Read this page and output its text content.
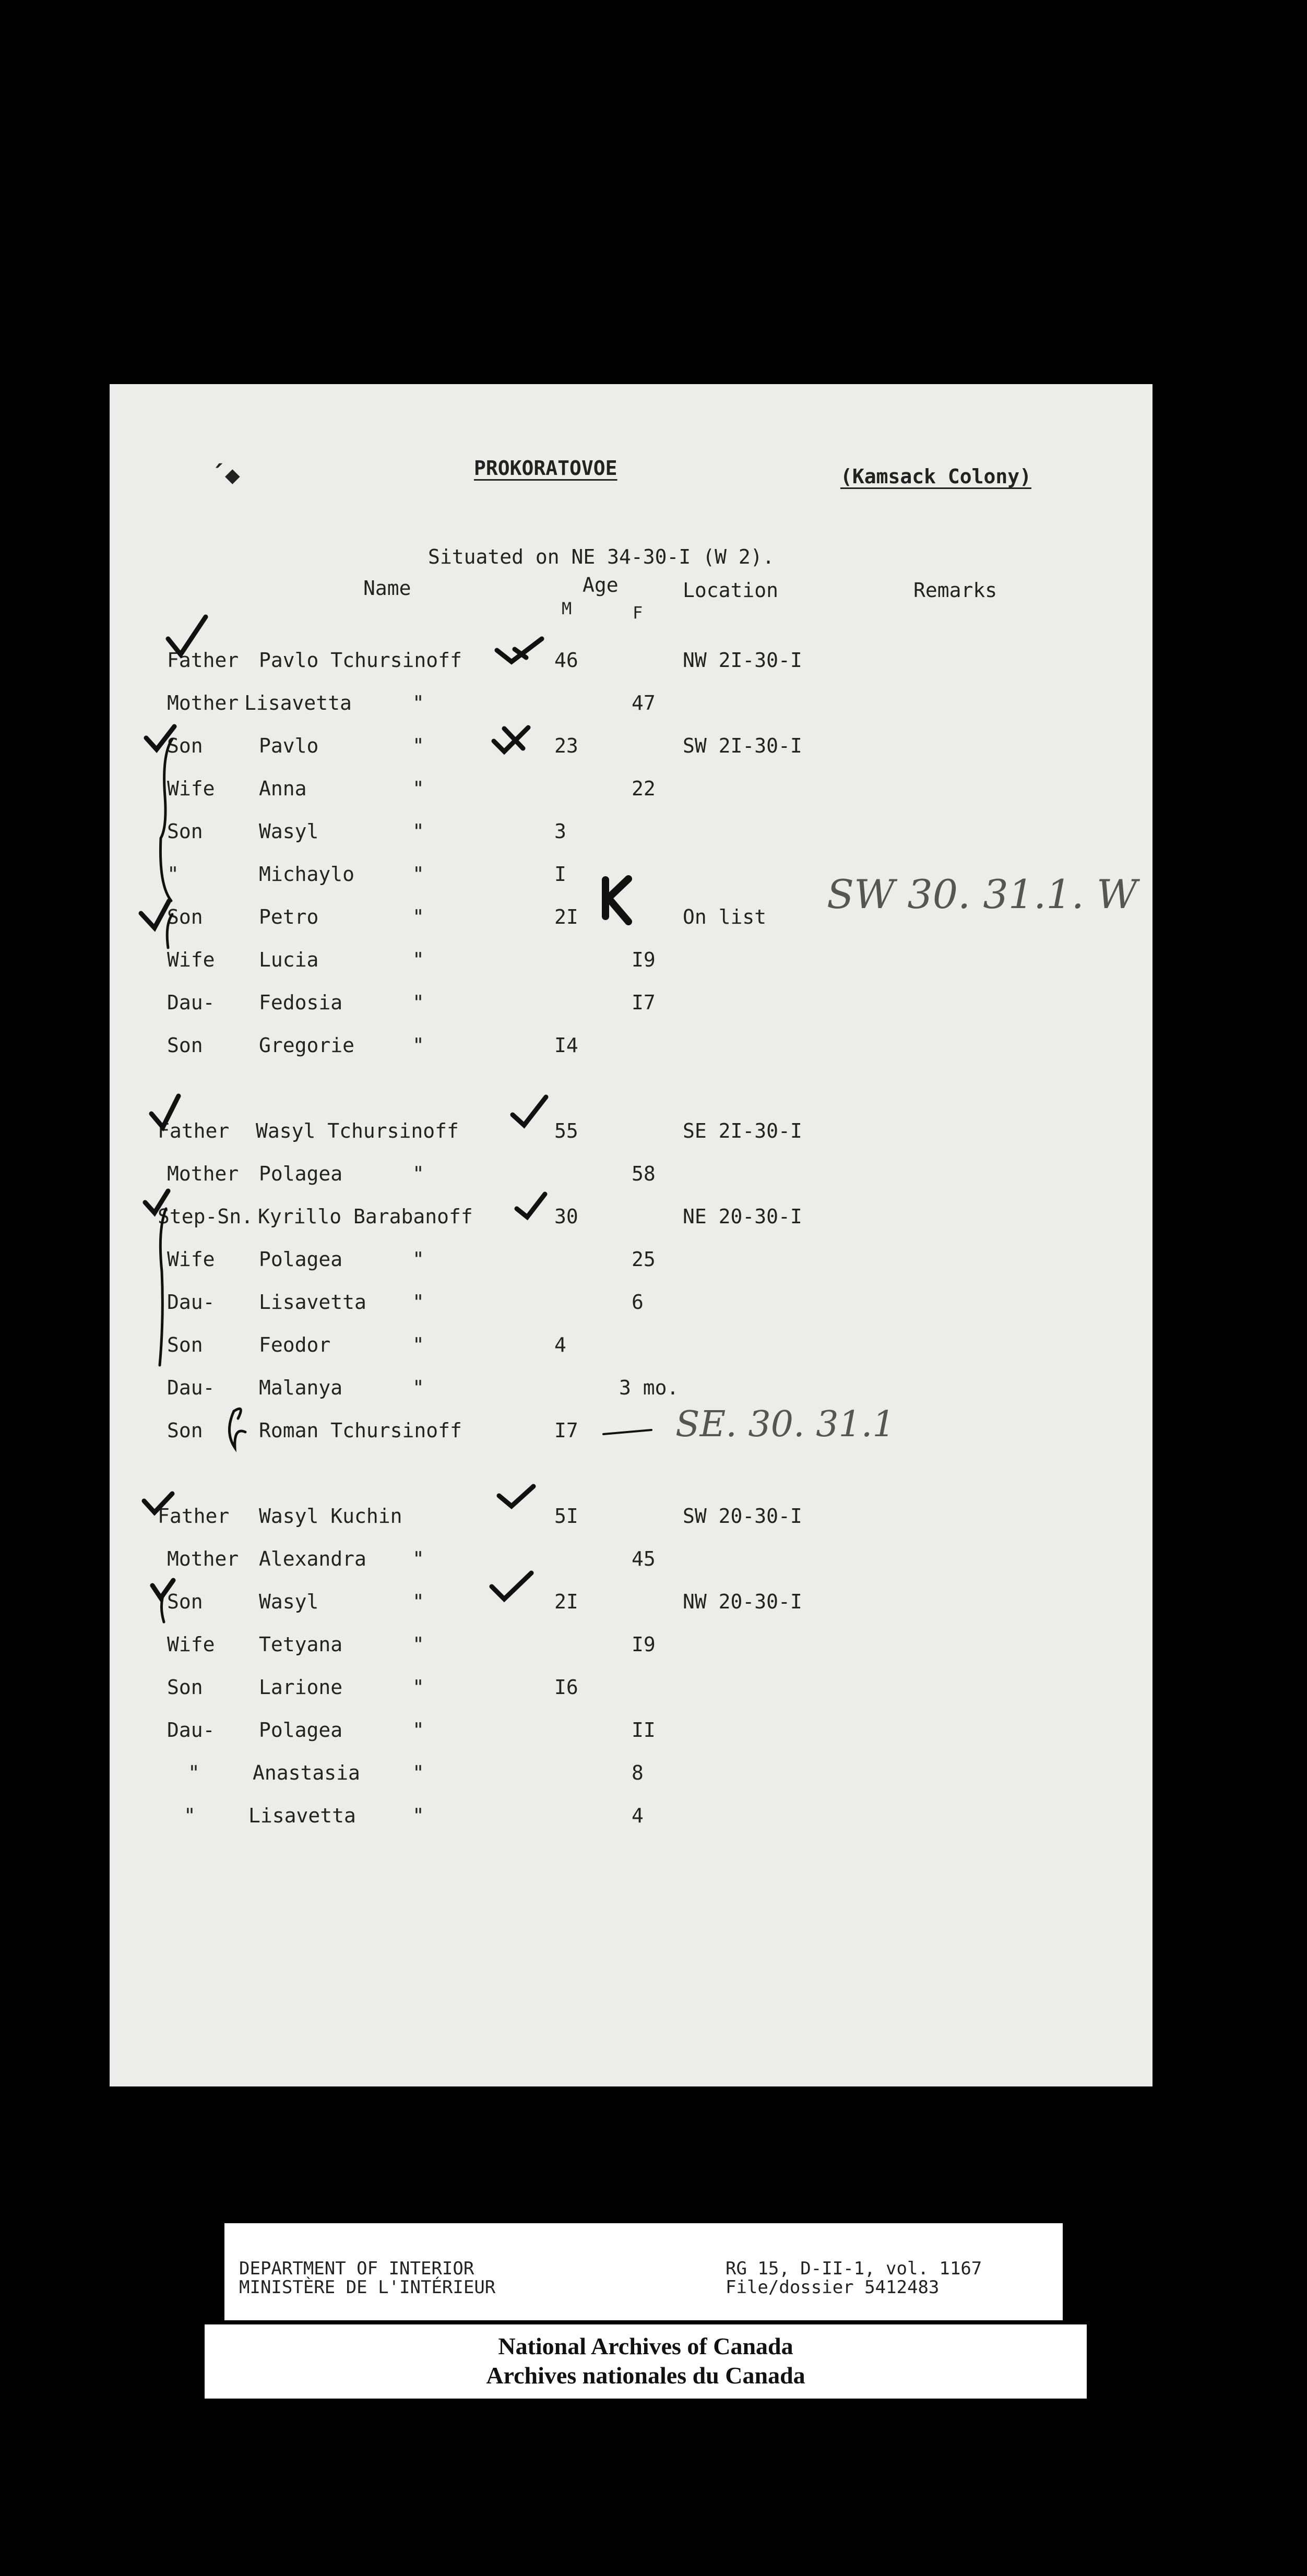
PROKORATOVOE	(Kamsack Colony)
Situated on NE 34-30-I (W 2).
Name	Age	Location	Remarks
M	F
Father Pavlo Tchursinoff	46	NW 2I-30-I
Mother Lisavetta	"	47
Son	Pavlo	"	23	SW 2I-30-I
Wife Anna	"	22
Son	Wasyl	"	3
"	Michaylo	"	I
Son	Petro	"	2I	On list
Wife Lucia	"	I9
Dau- Fedosia	"	I7
Son	Gregorie	"	I4
Father Wasyl Tchursinoff	55	SE 2I-30-I
Mother Polagea	"	58
Step-Sn. Kyrillo Barabanoff	30	NE 20-30-I
Wife Polagea	"	25
Dau- Lisavetta "	6
Son	Feodor	"	4
Dau- Malanya	"	3 mo.
Son	Roman Tchursinoff	I7
Father Wasyl Kuchin	5I	SW 20-30-I
Mother Alexandra "	45
Son	Wasyl	"	2I	NW 20-30-I
Wife Tetyana	"	I9
Son	Larione	"	I6
Dau- Polagea	"	II
"	Anastasia	"	8
"	Lisavetta	"	4
SW 30. 31.1. W
SE. 30. 31.1
´◆
DEPARTMENT OF INTERIOR
MINISTÈRE DE L'INTÉRIEUR
RG 15, D-II-1, vol. 1167
File/dossier 5412483
National Archives of Canada
Archives nationales du Canada
